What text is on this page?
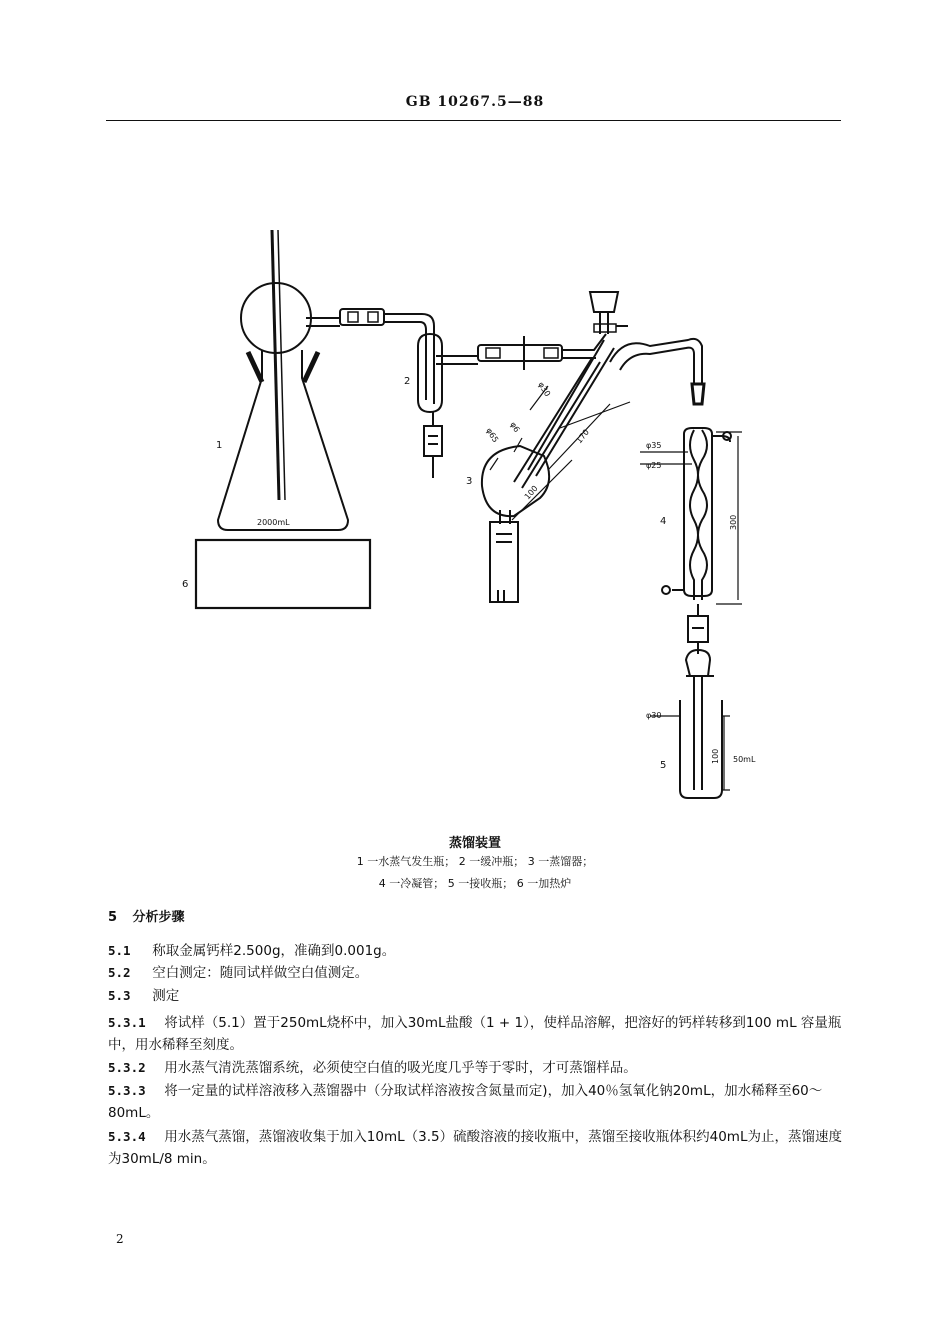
GB 10267.5—88
1
2
3
4
5
6
2000mL
φ30
φ6
φ65	170
100
φ35
φ25
300
φ30
100 50mL
蒸馏装置
1 一水蒸气发生瓶； 2 一缓冲瓶； 3 一蒸馏器；
4 一冷凝管； 5 一接收瓶； 6 一加热炉
5 分析步骤
5.1 称取金属钙样2.500g，准确到0.001g。
5.2 空白测定：随同试样做空白值测定。
5.3 测定
5.3.1 将试样（5.1）置于250mL烧杯中，加入30mL盐酸（1 + 1），使样品溶解，把溶好的钙样转移到100 mL 容量瓶中，用水稀释至刻度。
5.3.2 用水蒸气清洗蒸馏系统，必须使空白值的吸光度几乎等于零时，才可蒸馏样品。
5.3.3 将一定量的试样溶液移入蒸馏器中（分取试样溶液按含氮量而定)，加入40％氢氧化钠20mL，加水稀释至60～80mL。
5.3.4 用水蒸气蒸馏，蒸馏液收集于加入10mL（3.5）硫酸溶液的接收瓶中，蒸馏至接收瓶体积约40mL为止，蒸馏速度为30mL/8 min。
2
